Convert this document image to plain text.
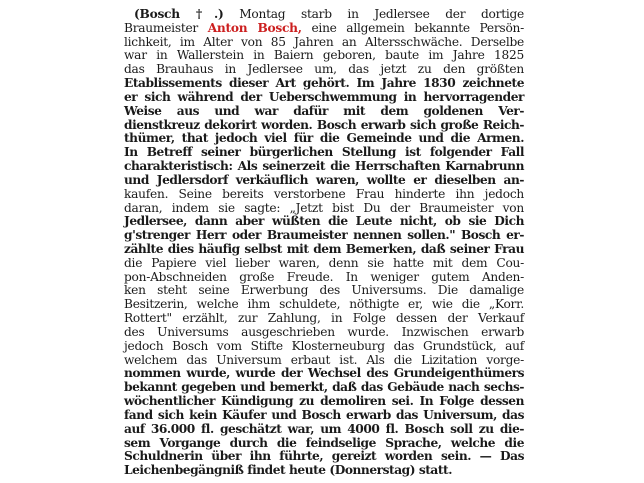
(Bosch †.) Montag starb in Jedlersee der dortige
Braumeister Anton Bosch, eine allgemein bekannte Persön-
lichkeit, im Alter von 85 Jahren an Altersschwäche. Derselbe
war in Wallerstein in Baiern geboren, baute im Jahre 1825
das Brauhaus in Jedlersee um, das jetzt zu den größten
Etablissements dieser Art gehört. Im Jahre 1830 zeichnete
er sich während der Ueberschwemmung in hervorragender
Weise aus und war dafür mit dem goldenen Ver-
dienstkreuz dekorirt worden. Bosch erwarb sich große Reich-
thümer, that jedoch viel für die Gemeinde und die Armen.
In Betreff seiner bürgerlichen Stellung ist folgender Fall
charakteristisch: Als seinerzeit die Herrschaften Karnabrunn
und Jedlersdorf verkäuflich waren, wollte er dieselben an-
kaufen. Seine bereits verstorbene Frau hinderte ihn jedoch
daran, indem sie sagte: „Jetzt bist Du der Braumeister von
Jedlersee, dann aber wüßten die Leute nicht, ob sie Dich
g'strenger Herr oder Braumeister nennen sollen." Bosch er-
zählte dies häufig selbst mit dem Bemerken, daß seiner Frau
die Papiere viel lieber waren, denn sie hatte mit dem Cou-
pon-Abschneiden große Freude. In weniger gutem Anden-
ken steht seine Erwerbung des Universums. Die damalige
Besitzerin, welche ihm schuldete, nöthigte er, wie die „Korr.
Rottert" erzählt, zur Zahlung, in Folge dessen der Verkauf
des Universums ausgeschrieben wurde. Inzwischen erwarb
jedoch Bosch vom Stifte Klosterneuburg das Grundstück, auf
welchem das Universum erbaut ist. Als die Lizitation vorge-
nommen wurde, wurde der Wechsel des Grundeigenthümers
bekannt gegeben und bemerkt, daß das Gebäude nach sechs-
wöchentlicher Kündigung zu demoliren sei. In Folge dessen
fand sich kein Käufer und Bosch erwarb das Universum, das
auf 36.000 fl. geschätzt war, um 4000 fl. Bosch soll zu die-
sem Vorgange durch die feindselige Sprache, welche die
Schuldnerin über ihn führte, gereizt worden sein. — Das
Leichenbegängniß findet heute (Donnerstag) statt.
